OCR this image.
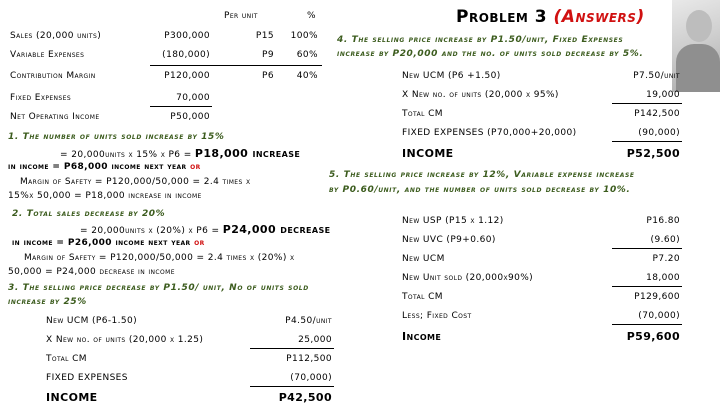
Problem 3 (Answers)
Per unit	%
Sales (20,000 units)	P300,000	P15	100%
Variable Expenses	(180,000)	P9	60%
Contribution Margin	P120,000	P6	40%
Fixed Expenses	70,000
Net Operating Income	P50,000
1. The number of units sold increase by 15%
= 20,000units x 15% x P6 = P18,000 increase
in income = P68,000 income next year or
Margin of Safety = P120,000/50,000 = 2.4 times x
15%x 50,000 = P18,000 increase in income
2. Total sales decrease by 20%
= 20,000units x (20%) x P6 = P24,000 decrease
in income = P26,000 income next year or
Margin of Safety = P120,000/50,000 = 2.4 times x (20%) x
50,000 = P24,000 decrease in income
3. The selling price decrease by P1.50/ unit, No of units sold
increase by 25%
New UCM (P6-1.50)	P4.50/unit
X New no. of units (20,000 x 1.25)	25,000
Total CM	P112,500
FIXED EXPENSES	(70,000)
INCOME	P42,500
4. The selling price increase by P1.50/unit, Fixed Expenses
increase by P20,000 and the no. of units sold decrease by 5%.
New UCM (P6 +1.50)	P7.50/unit
X New no. of units (20,000 x 95%)	19,000
Total CM	P142,500
FIXED EXPENSES (P70,000+20,000)	(90,000)
INCOME	P52,500
5. The selling price increase by 12%, Variable expense increase
by P0.60/unit, and the number of units sold decrease by 10%.
New USP (P15 x 1.12)	P16.80
New UVC (P9+0.60)	(9.60)
New UCM	P7.20
New Unit sold (20,000x90%)	18,000
Total CM	P129,600
Less; Fixed Cost	(70,000)
Income	P59,600
